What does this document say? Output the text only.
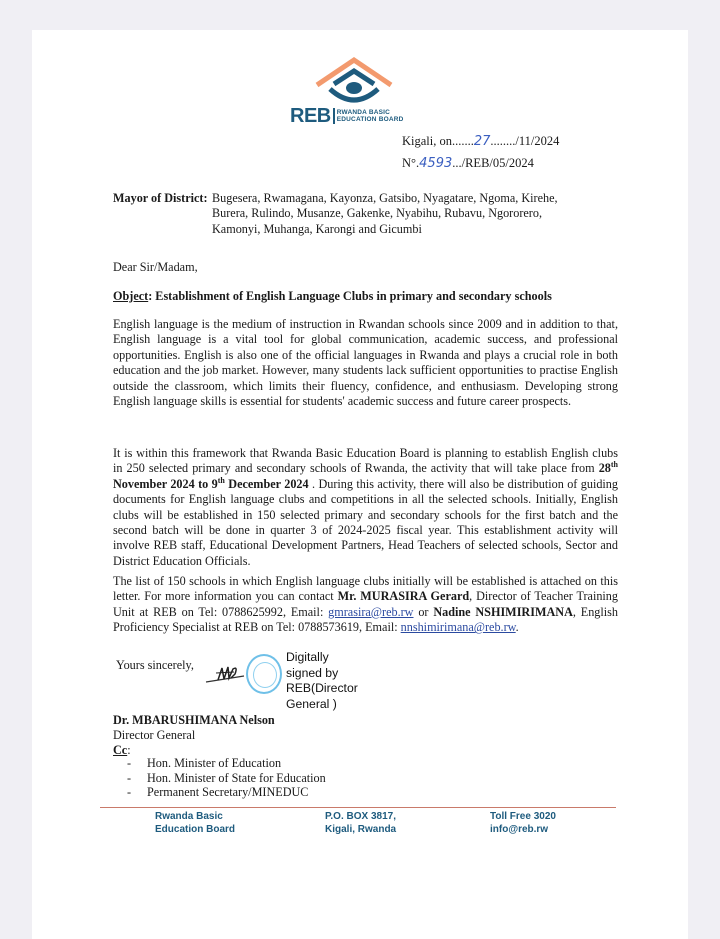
REB RWANDA BASIC
EDUCATION BOARD
Kigali, on.......27......../11/2024
N°.4593.../REB/05/2024
Mayor of District: Bugesera, Rwamagana, Kayonza, Gatsibo, Nyagatare, Ngoma, Kirehe, Burera, Rulindo, Musanze, Gakenke, Nyabihu, Rubavu, Ngororero, Kamonyi, Muhanga, Karongi and Gicumbi
Dear Sir/Madam,
Object: Establishment of English Language Clubs in primary and secondary schools
English language is the medium of instruction in Rwandan schools since 2009 and in addition to that, English language is a vital tool for global communication, academic success, and professional opportunities. English is also one of the official languages in Rwanda and plays a crucial role in both education and the job market. However, many students lack sufficient opportunities to practise English outside the classroom, which limits their fluency, confidence, and enthusiasm. Developing strong English language skills is essential for students' academic success and future career prospects.
It is within this framework that Rwanda Basic Education Board is planning to establish English clubs in 250 selected primary and secondary schools of Rwanda, the activity that will take place from 28th November 2024 to 9th December 2024 . During this activity, there will also be distribution of guiding documents for English language clubs and competitions in all the selected schools. Initially, English clubs will be established in 150 selected primary and secondary schools for the first batch and the second batch will be done in quarter 3 of 2024-2025 fiscal year. This establishment activity will involve REB staff, Educational Development Partners, Head Teachers of selected schools, Sector and District Education Officials.
The list of 150 schools in which English language clubs initially will be established is attached on this letter. For more information you can contact Mr. MURASIRA Gerard, Director of Teacher Training Unit at REB on Tel: 0788625992, Email: gmrasira@reb.rw or Nadine NSHIMIRIMANA, English Proficiency Specialist at REB on Tel: 0788573619, Email: nnshimirimana@reb.rw.
Yours sincerely,
Digitally
signed by
REB(Director
General )
Dr. MBARUSHIMANA Nelson
Director General
Cc:
-	Hon. Minister of Education
-	Hon. Minister of State for Education
-	Permanent Secretary/MINEDUC
Rwanda Basic
Education Board
P.O. BOX 3817,
Kigali, Rwanda
Toll Free 3020
info@reb.rw
